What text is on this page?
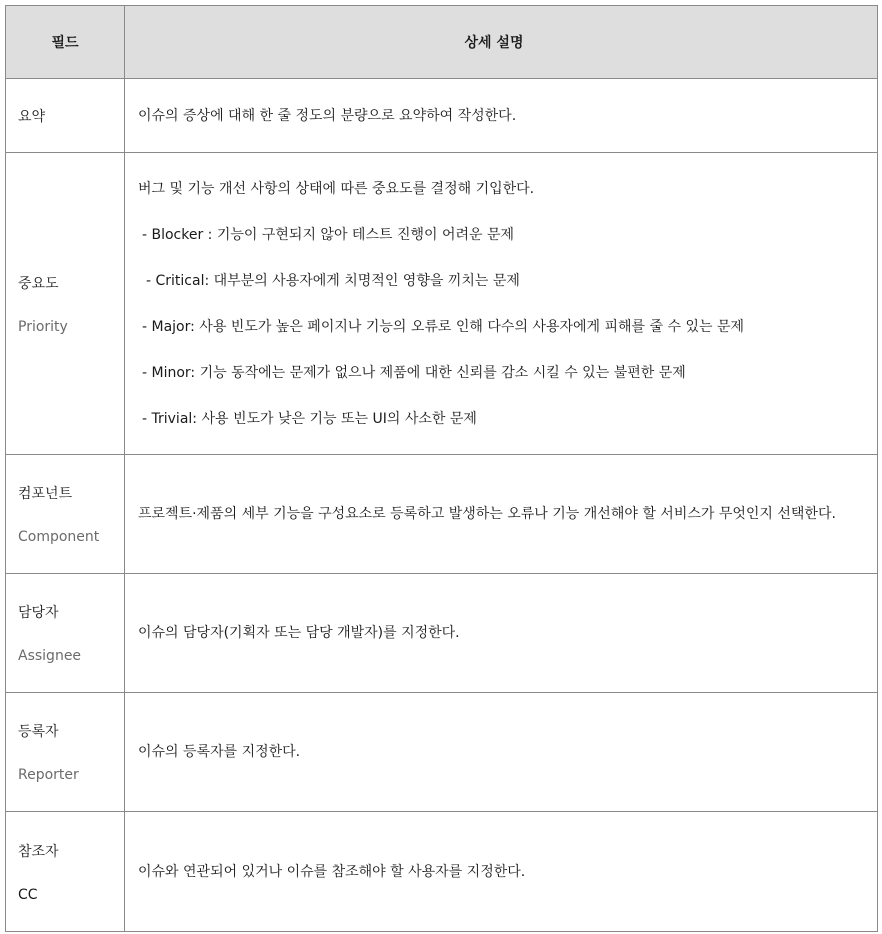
필드	상세 설명
요약	이슈의 증상에 대해 한 줄 정도의 분량으로 요약하여 작성한다.
중요도
Priority
버그 및 기능 개선 사항의 상태에 따른 중요도를 결정해 기입한다.
- Blocker : 기능이 구현되지 않아 테스트 진행이 어려운 문제
- Critical: 대부분의 사용자에게 치명적인 영향을 끼치는 문제
- Major: 사용 빈도가 높은 페이지나 기능의 오류로 인해 다수의 사용자에게 피해를 줄 수 있는 문제
- Minor: 기능 동작에는 문제가 없으나 제품에 대한 신뢰를 감소 시킬 수 있는 불편한 문제
- Trivial: 사용 빈도가 낮은 기능 또는 UI의 사소한 문제
컴포넌트
Component
프로젝트·제품의 세부 기능을 구성요소로 등록하고 발생하는 오류나 기능 개선해야 할 서비스가 무엇인지 선택한다.
담당자
Assignee
이슈의 담당자(기획자 또는 담당 개발자)를 지정한다.
등록자
Reporter
이슈의 등록자를 지정한다.
참조자
CC
이슈와 연관되어 있거나 이슈를 참조해야 할 사용자를 지정한다.
